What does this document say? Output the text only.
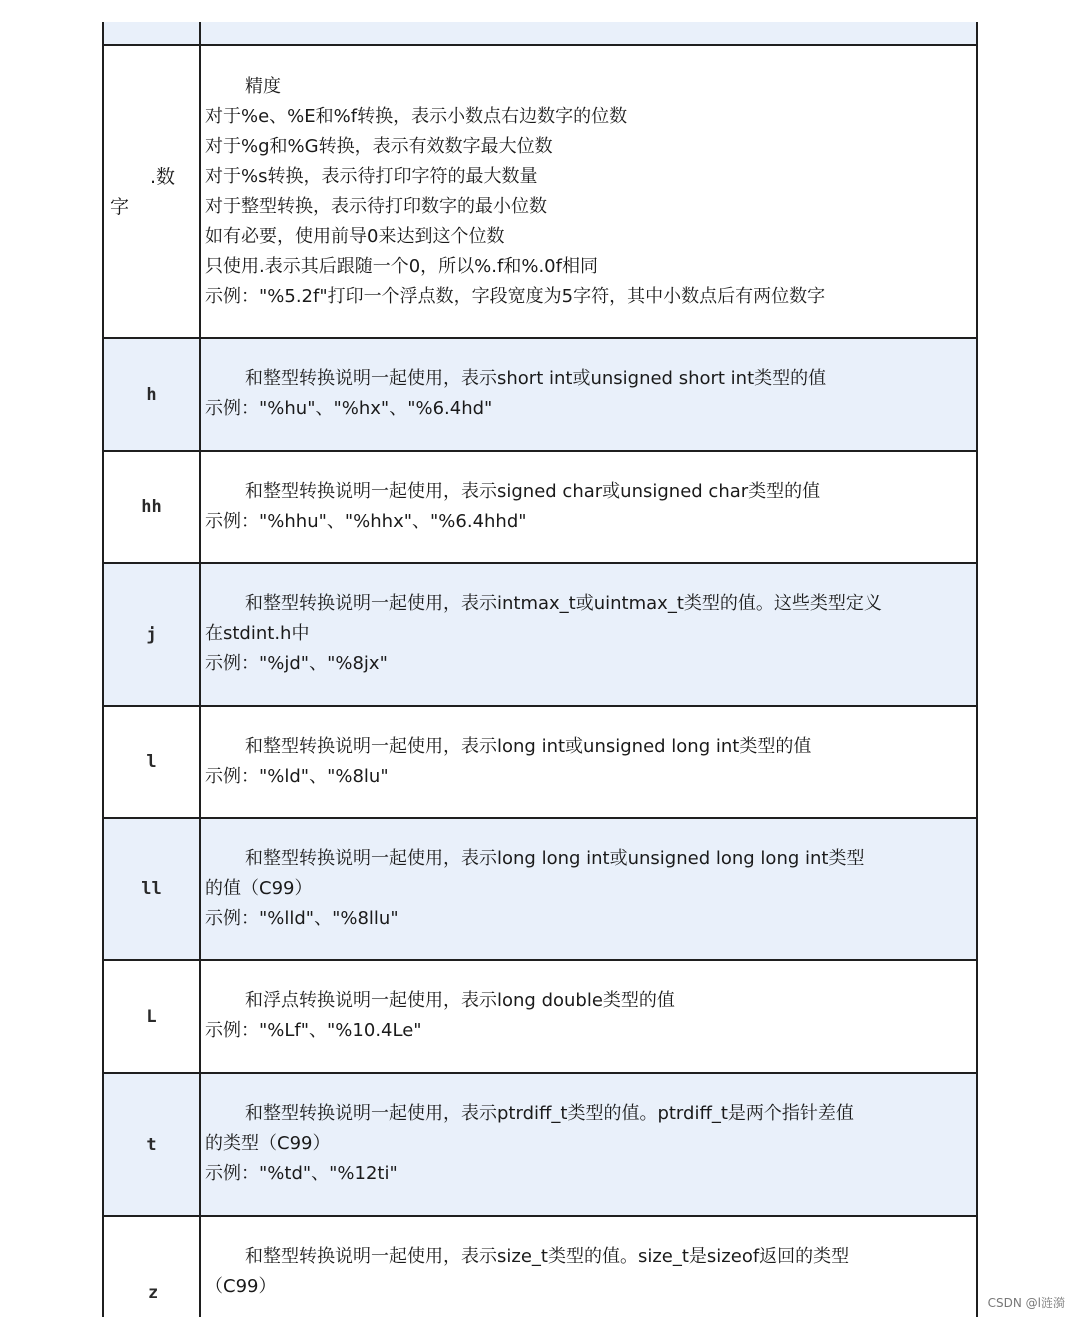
字
.数
精度
对于%e、%E和%f转换，表示小数点右边数字的位数
对于%g和%G转换，表示有效数字最大位数
对于%s转换，表示待打印字符的最大数量
对于整型转换，表示待打印数字的最小位数
如有必要，使用前导0来达到这个位数
只使用.表示其后跟随一个0，所以%.f和%.0f相同
示例："%5.2f"打印一个浮点数，字段宽度为5字符，其中小数点后有两位数字
h
和整型转换说明一起使用，表示short int或unsigned short int类型的值
示例："%hu"、"%hx"、"%6.4hd"
hh
和整型转换说明一起使用，表示signed char或unsigned char类型的值
示例："%hhu"、"%hhx"、"%6.4hhd"
j
和整型转换说明一起使用，表示intmax_t或uintmax_t类型的值。这些类型定义
在stdint.h中
示例："%jd"、"%8jx"
l
和整型转换说明一起使用，表示long int或unsigned long int类型的值
示例："%ld"、"%8lu"
ll
和整型转换说明一起使用，表示long long int或unsigned long long int类型
的值（C99）
示例："%lld"、"%8llu"
L
和浮点转换说明一起使用，表示long double类型的值
示例："%Lf"、"%10.4Le"
t
和整型转换说明一起使用，表示ptrdiff_t类型的值。ptrdiff_t是两个指针差值
的类型（C99）
示例："%td"、"%12ti"
z
和整型转换说明一起使用，表示size_t类型的值。size_t是sizeof返回的类型
（C99）
CSDN @l涟漪
